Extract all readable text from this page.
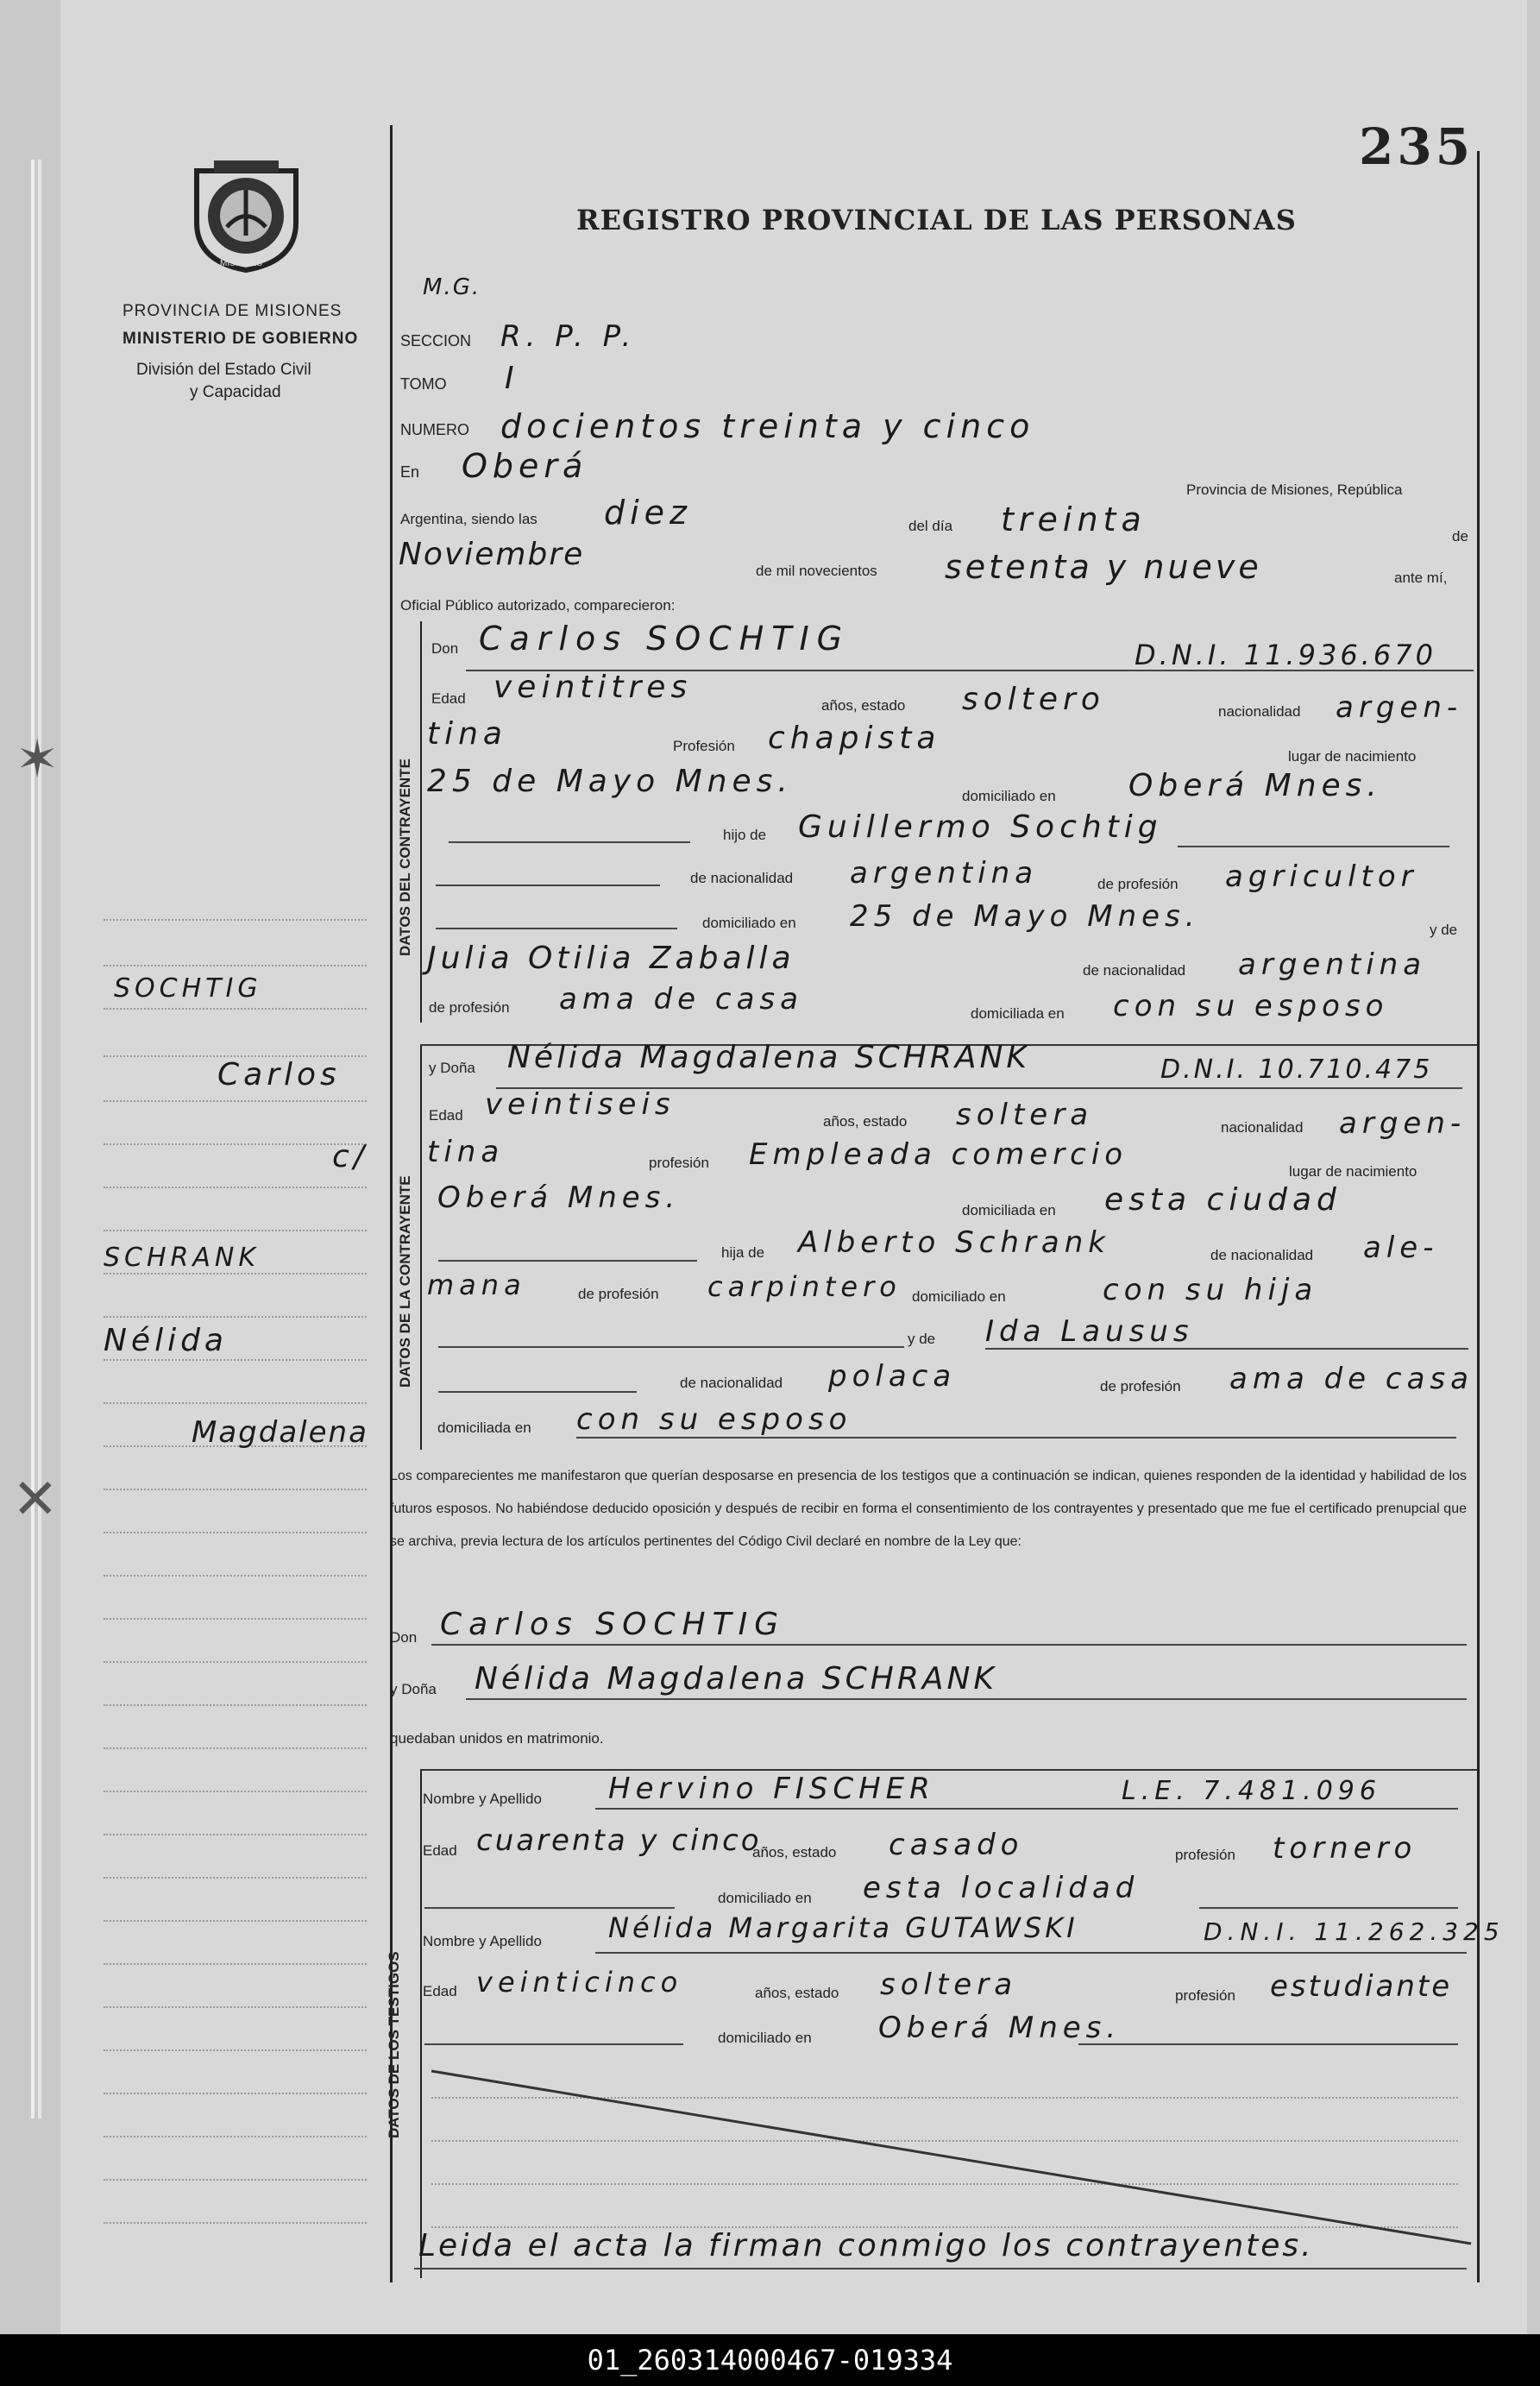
✶
✕
235
MISIONES
PROVINCIA DE MISIONES
MINISTERIO DE GOBIERNO
División del Estado Civil
y Capacidad
REGISTRO PROVINCIAL DE LAS PERSONAS
DATOS DEL CONTRAYENTE
DATOS DE LA CONTRAYENTE
DATOS DE LOS TESTIGOS
SOCHTIG
Carlos
c/
SCHRANK
Nélida
Magdalena
M.G.
SECCION R. P. P.
TOMO I
NUMERO docientos treinta y cinco
En Oberá
Provincia de Misiones, República
Argentina, siendo las diez	del día treinta	de
Noviembre	de mil novecientos setenta y nueve	ante mí,
Oficial Público autorizado, comparecieron:
Don Carlos SOCHTIG	D.N.I. 11.936.670
Edad veintitres
años, estado soltero	nacionalidad argen-
tina	Profesión chapista
lugar de nacimiento
25 de Mayo Mnes.	domiciliado en Oberá Mnes.
hijo de Guillermo Sochtig
de nacionalidad argentina	de profesión agricultor
domiciliado en 25 de Mayo Mnes.	y de
Julia Otilia Zaballa	de nacionalidad argentina
de profesión ama de casa	domiciliada en con su esposo
y Doña Nélida Magdalena SCHRANK	D.N.I. 10.710.475
Edad veintiseis	años, estado soltera	nacionalidad argen-
tina	profesión Empleada comercio	lugar de nacimiento
Oberá Mnes.	domiciliada en esta ciudad
hija de Alberto Schrank	de nacionalidad ale-
mana	de profesión carpintero domiciliado en	con su hija
y de Ida Lausus
de nacionalidad polaca	de profesión ama de casa
domiciliada en con su esposo
Los comparecientes me manifestaron que querían desposarse en presencia de los testigos que a continuación se indican, quienes responden de la identidad y habilidad de los futuros esposos. No habiéndose deducido oposición y después de recibir en forma el consentimiento de los contrayentes y presentado que me fue el certificado prenupcial que se archiva, previa lectura de los artículos pertinentes del Código Civil declaré en nombre de la Ley que:
Don Carlos SOCHTIG
y Doña Nélida Magdalena SCHRANK
quedaban unidos en matrimonio.
Nombre y Apellido Hervino FISCHER	L.E. 7.481.096
Edad cuarenta y cinco
años, estado casado	profesión tornero
domiciliado en esta localidad
Nombre y Apellido Nélida Margarita GUTAWSKI	D.N.I. 11.262.325
Edad veinticinco	años, estado soltera	profesión estudiante
domiciliado en Oberá Mnes.
Leida el acta la firman conmigo los contrayentes.
01_260314000467-019334
